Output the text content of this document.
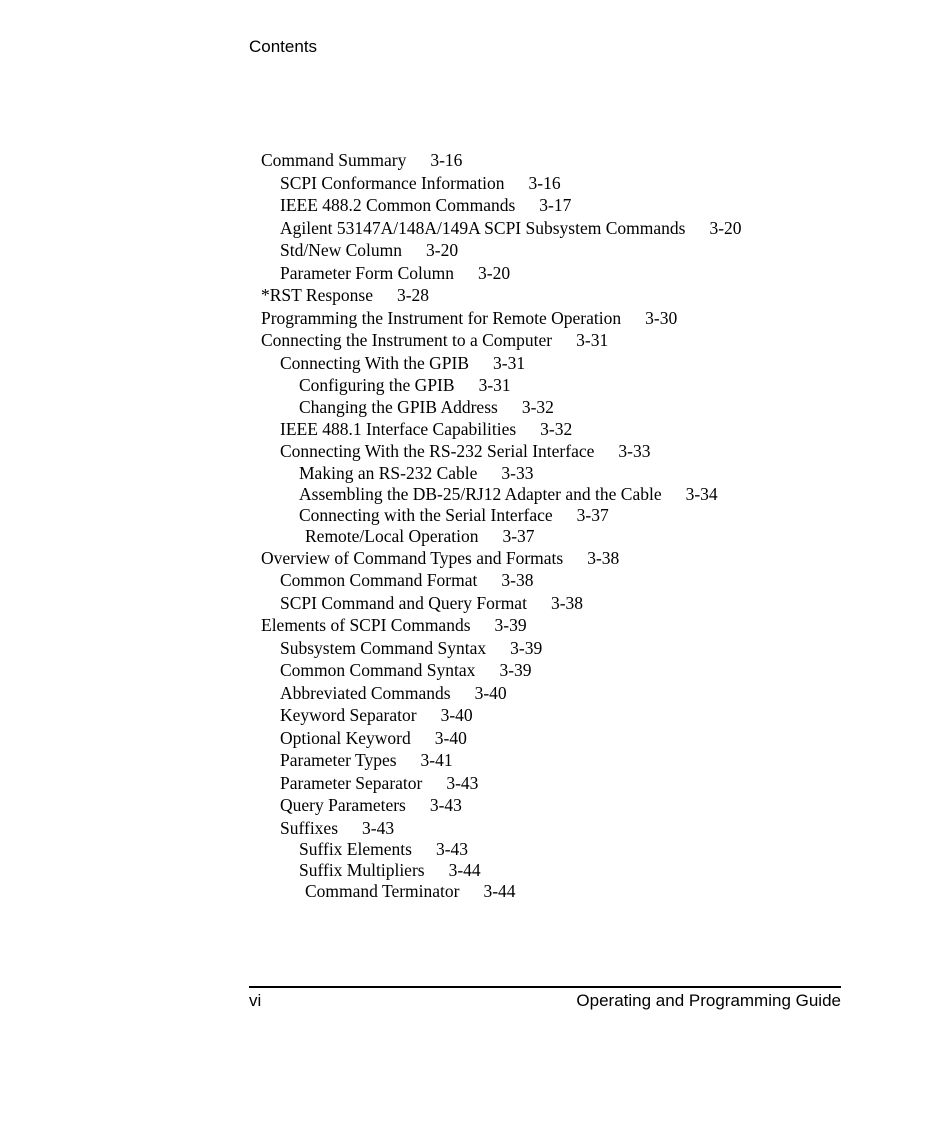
Contents
Command Summary 3-16
SCPI Conformance Information 3-16
IEEE 488.2 Common Commands 3-17
Agilent 53147A/148A/149A SCPI Subsystem Commands 3-20
Std/New Column 3-20
Parameter Form Column 3-20
*RST Response 3-28
Programming the Instrument for Remote Operation 3-30
Connecting the Instrument to a Computer 3-31
Connecting With the GPIB 3-31
Configuring the GPIB 3-31
Changing the GPIB Address 3-32
IEEE 488.1 Interface Capabilities 3-32
Connecting With the RS-232 Serial Interface 3-33
Making an RS-232 Cable 3-33
Assembling the DB-25/RJ12 Adapter and the Cable 3-34
Connecting with the Serial Interface 3-37
Remote/Local Operation 3-37
Overview of Command Types and Formats 3-38
Common Command Format 3-38
SCPI Command and Query Format 3-38
Elements of SCPI Commands 3-39
Subsystem Command Syntax 3-39
Common Command Syntax 3-39
Abbreviated Commands 3-40
Keyword Separator 3-40
Optional Keyword 3-40
Parameter Types 3-41
Parameter Separator 3-43
Query Parameters 3-43
Suffixes 3-43
Suffix Elements 3-43
Suffix Multipliers 3-44
Command Terminator 3-44
vi	Operating and Programming Guide
